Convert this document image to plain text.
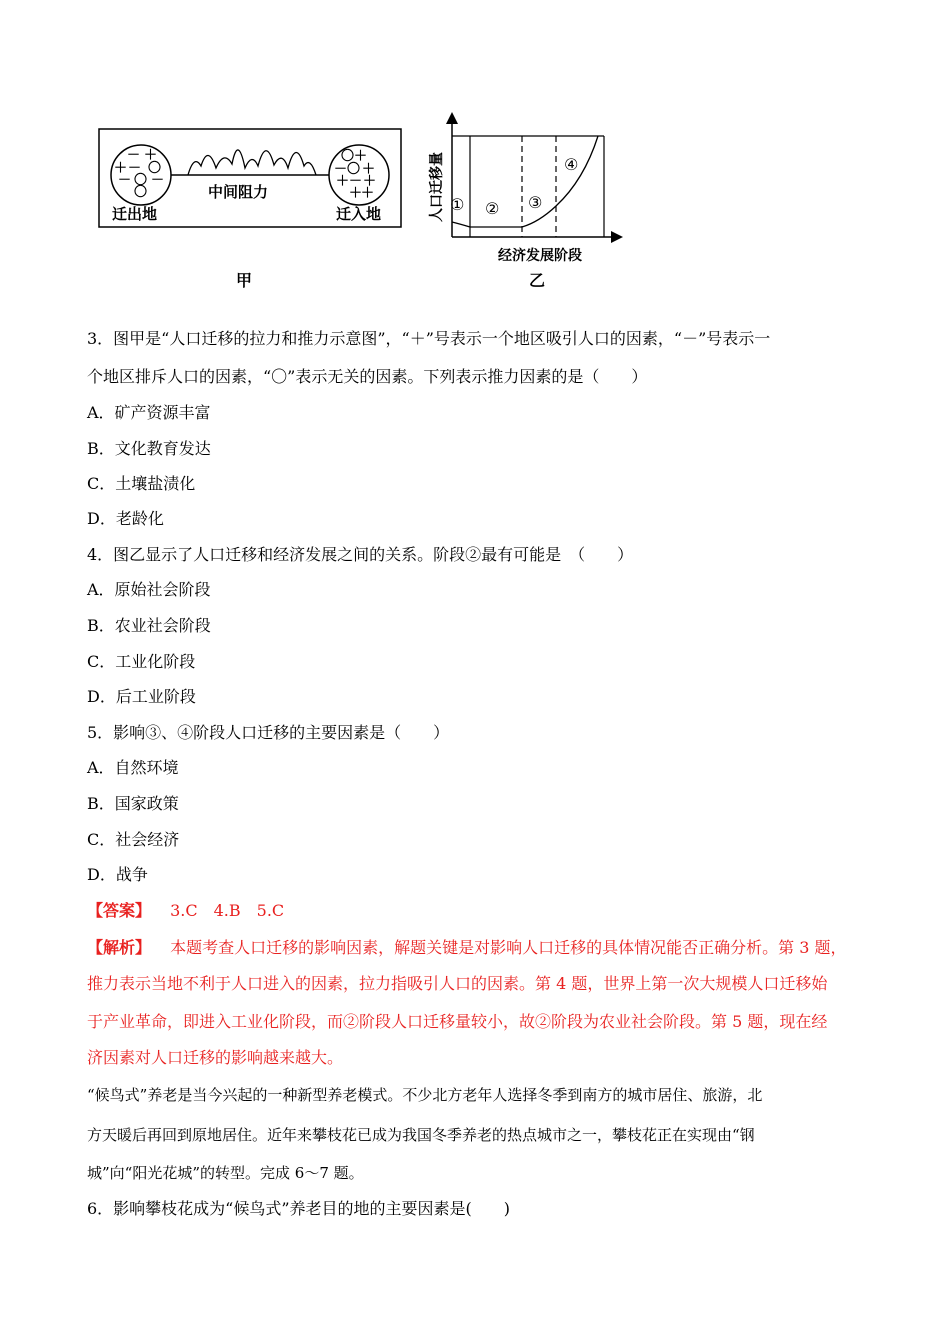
－ ＋
＋ － 〇
－ 〇 －
〇
〇 ＋
－ 〇 ＋
＋ － ＋
＋
＋
迁出地
中间阻力
迁入地
甲
① ② ③
④
经济发展阶段
人口迁移量
乙
3．图甲是“人口迁移的拉力和推力示意图”，“＋”号表示一个地区吸引人口的因素，“－”号表示一
个地区排斥人口的因素，“〇”表示无关的因素。下列表示推力因素的是（　　）
A．矿产资源丰富
B．文化教育发达
C．土壤盐渍化
D．老龄化
4．图乙显示了人口迁移和经济发展之间的关系。阶段②最有可能是　（　　）
A．原始社会阶段
B．农业社会阶段
C．工业化阶段
D．后工业阶段
5．影响③、④阶段人口迁移的主要因素是（　　）
A．自然环境
B．国家政策
C．社会经济
D．战争
【答案】 3.C　4.B　5.C
【解析】 本题考查人口迁移的影响因素，解题关键是对影响人口迁移的具体情况能否正确分析。第 3 题，
推力表示当地不利于人口进入的因素，拉力指吸引人口的因素。第 4 题，世界上第一次大规模人口迁移始
于产业革命，即进入工业化阶段，而②阶段人口迁移量较小，故②阶段为农业社会阶段。第 5 题，现在经
济因素对人口迁移的影响越来越大。
“候鸟式”养老是当今兴起的一种新型养老模式。不少北方老年人选择冬季到南方的城市居住、旅游，北
方天暖后再回到原地居住。近年来攀枝花已成为我国冬季养老的热点城市之一，攀枝花正在实现由“钢
城”向“阳光花城”的转型。完成 6～7 题。
6．影响攀枝花成为“候鸟式”养老目的地的主要因素是(　　)
